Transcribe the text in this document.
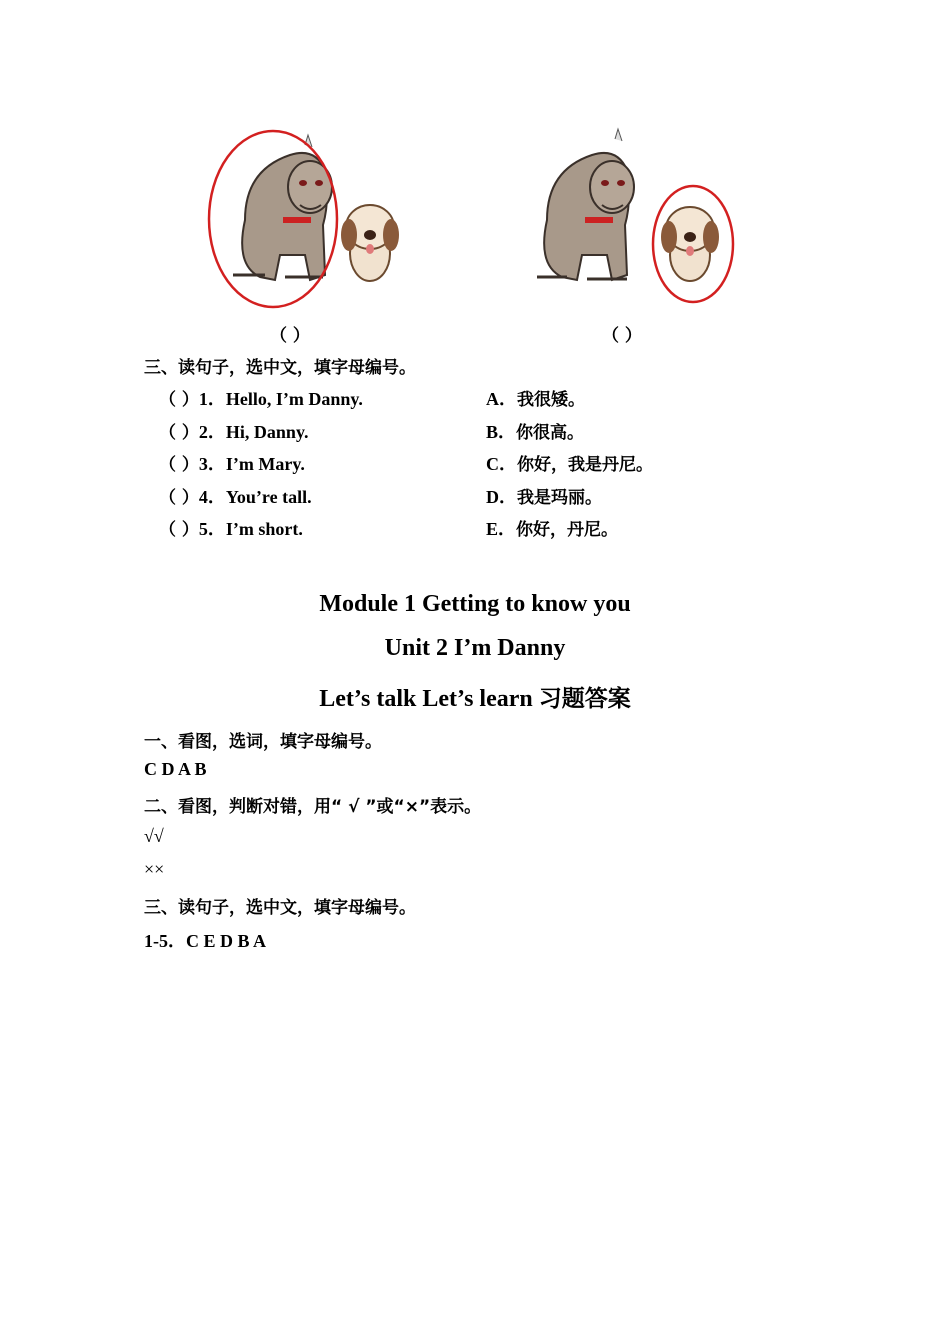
（ ）	（ ）
三、读句子，选中文，填字母编号。
（ ）1．Hello, I’m Danny.
（ ）2．Hi, Danny.
（ ）3．I’m Mary.
（ ）4．You’re tall.
（ ）5．I’m short.
A．我很矮。
B．你很高。
C．你好，我是丹尼。
D．我是玛丽。
E．你好，丹尼。
Module 1 Getting to know you
Unit 2 I’m Danny
Let’s talk Let’s learn 习题答案
一、看图，选词，填字母编号。
C D A B
二、看图，判断对错，用“ √ ”或“×”表示。
√√
××
三、读句子，选中文，填字母编号。
1-5．C E D B A
